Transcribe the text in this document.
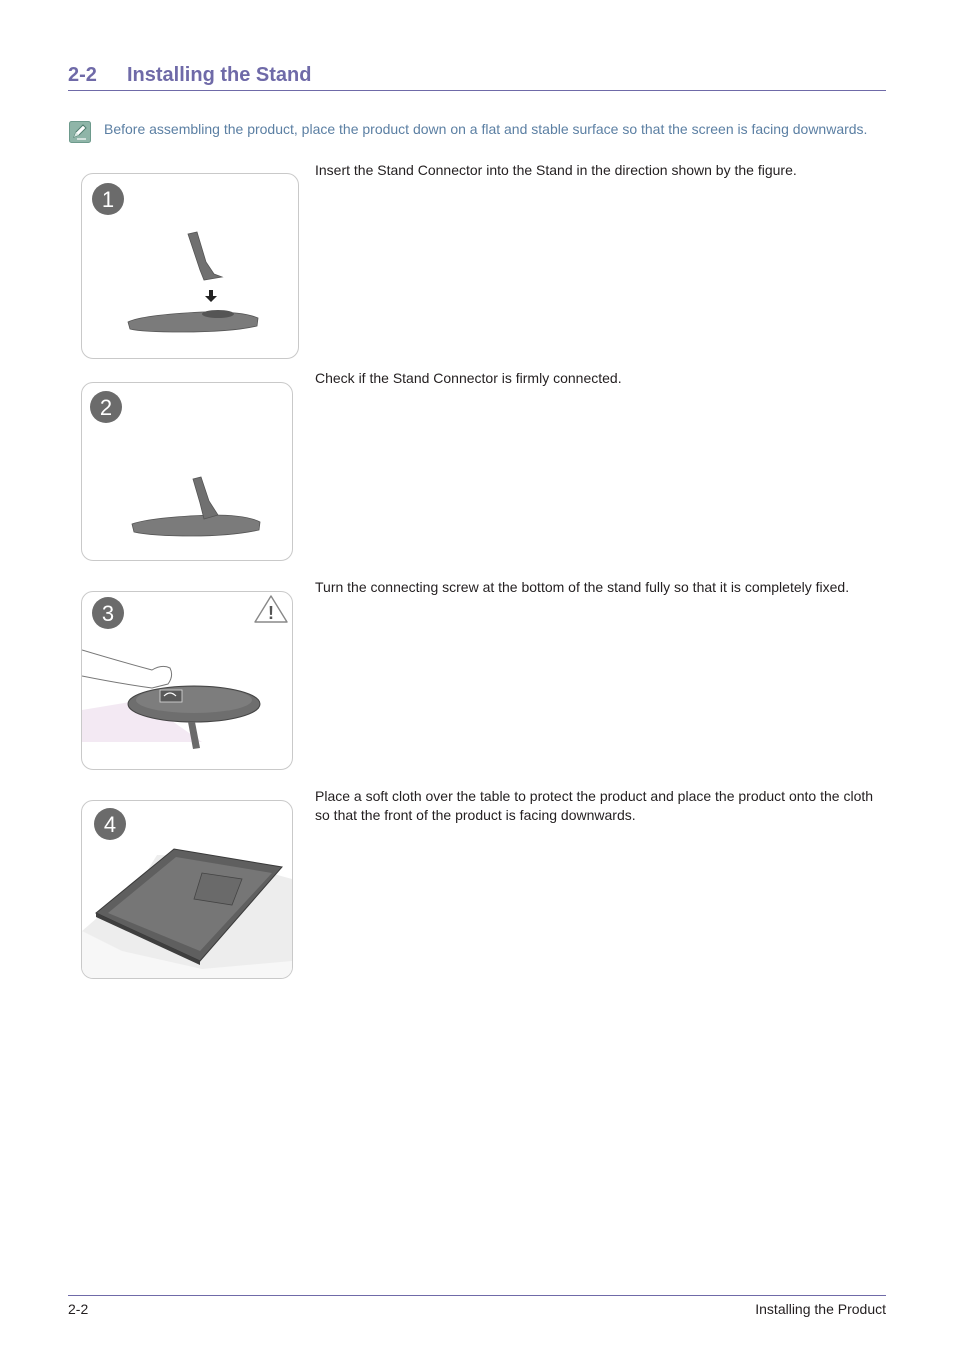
2-2 Installing the Stand
Before assembling the product, place the product down on a flat and stable surface so that the screen is facing downwards.
1
Insert the Stand Connector into the Stand in the direction shown by the figure.
2
Check if the Stand Connector is firmly connected.
3	!
Turn the connecting screw at the bottom of the stand fully so that it is completely fixed.
4
Place a soft cloth over the table to protect the product and place the product onto the cloth so that the front of the product is facing downwards.
2-2	Installing the Product
